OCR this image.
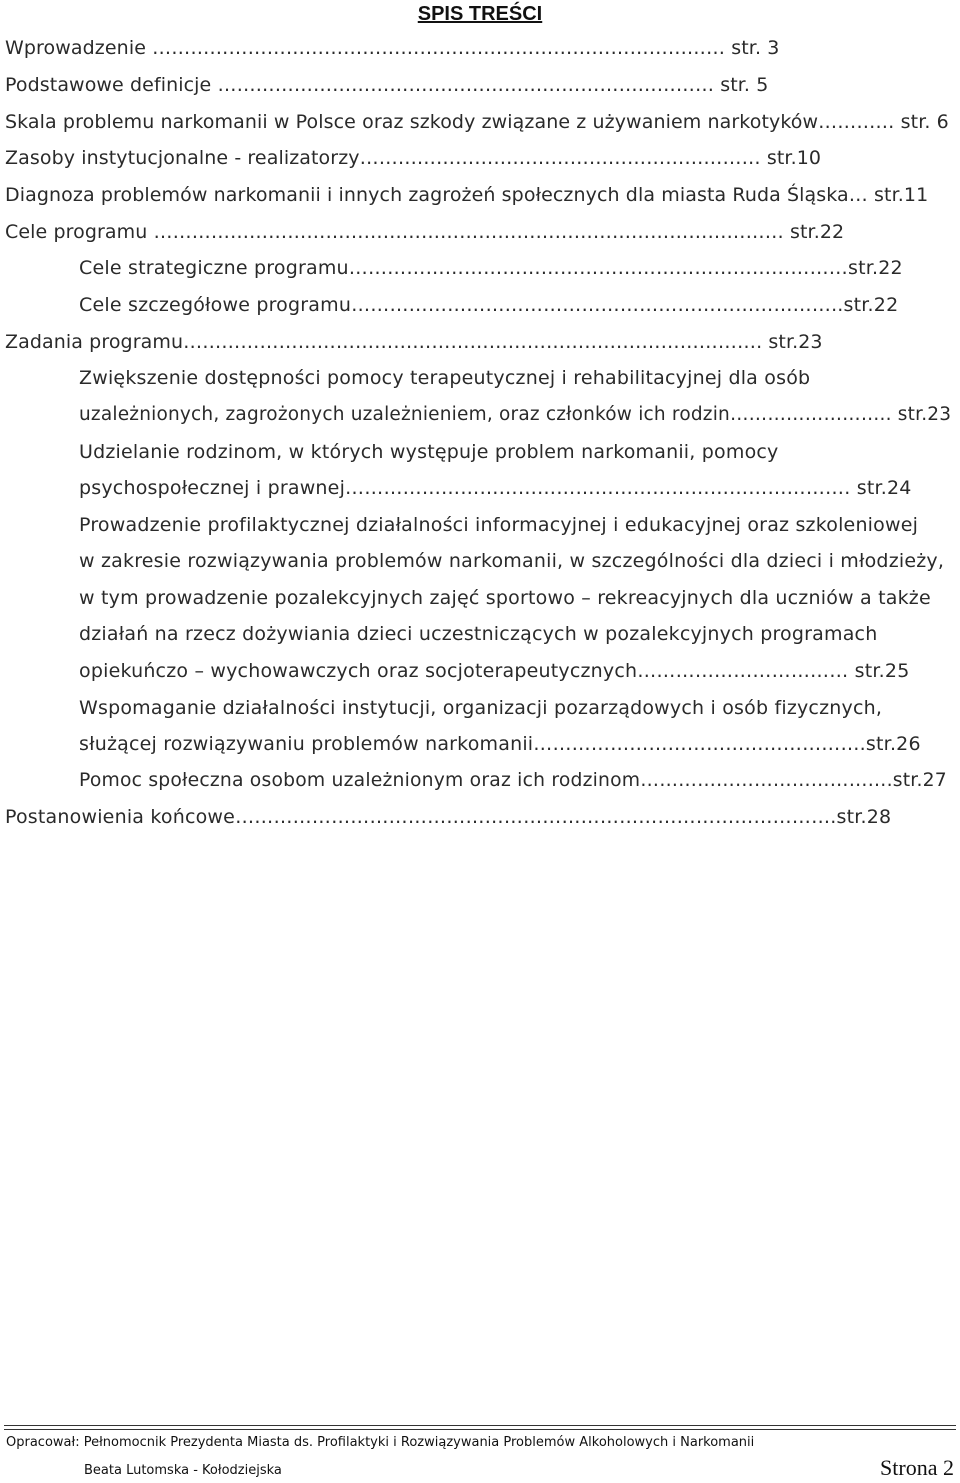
SPIS TREŚCI
Wprowadzenie ……………………………………………………………………………… str. 3
Podstawowe definicje …………………………………………………………………… str. 5
Skala problemu narkomanii w Polsce oraz szkody związane z używaniem narkotyków………… str. 6
Zasoby instytucjonalne - realizatorzy……………………………………………………… str.10
Diagnoza problemów narkomanii i innych zagrożeń społecznych dla miasta Ruda Śląska… str.11
Cele programu ……………………………………………………………………………………… str.22
Cele strategiczne programu……………………………………………………………………str.22
Cele szczegółowe programu…………………………………………………………………..str.22
Zadania programu………………………………………………………………………………. str.23
Zwiększenie dostępności pomocy terapeutycznej i rehabilitacyjnej dla osób
uzależnionych, zagrożonych uzależnieniem, oraz członków ich rodzin…………………….. str.23
Udzielanie rodzinom, w których występuje problem narkomanii, pomocy
psychospołecznej i prawnej……………………………………………………………………. str.24
Prowadzenie profilaktycznej działalności informacyjnej i edukacyjnej oraz szkoleniowej
w zakresie rozwiązywania problemów narkomanii, w szczególności dla dzieci i młodzieży,
w tym prowadzenie pozalekcyjnych zajęć sportowo – rekreacyjnych dla uczniów a także
działań na rzecz dożywiania dzieci uczestniczących w pozalekcyjnych programach
opiekuńczo – wychowawczych oraz socjoterapeutycznych…………………………… str.25
Wspomaganie działalności instytucji, organizacji pozarządowych i osób fizycznych,
służącej rozwiązywaniu problemów narkomanii…………………………………………….str.26
Pomoc społeczna osobom uzależnionym oraz ich rodzinom………………………………….str.27
Postanowienia końcowe………………………………………………………………………………….str.28
Opracował: Pełnomocnik Prezydenta Miasta ds. Profilaktyki i Rozwiązywania Problemów Alkoholowych i Narkomanii
Beata Lutomska - Kołodziejska	Strona 2
